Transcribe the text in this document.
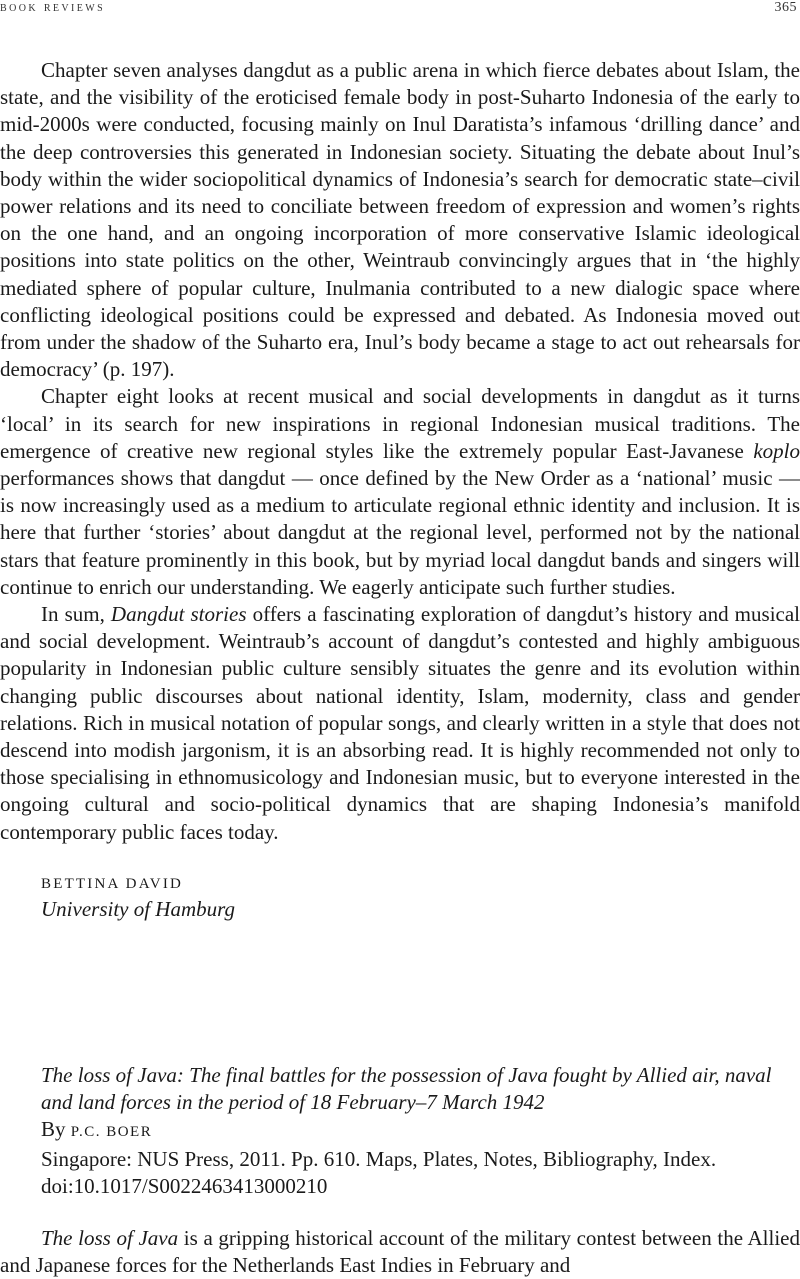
book reviews	365

Chapter seven analyses dangdut as a public arena in which fierce debates about Islam, the state, and the visibility of the eroticised female body in post-Suharto Indonesia of the early to mid-2000s were conducted, focusing mainly on Inul Daratista’s infamous ‘drilling dance’ and the deep controversies this generated in Indonesian society. Situating the debate about Inul’s body within the wider sociopolitical dynamics of Indonesia’s search for democratic state–civil power relations and its need to conciliate between freedom of expression and women’s rights on the one hand, and an ongoing incorporation of more conservative Islamic ideological positions into state politics on the other, Weintraub convincingly argues that in ‘the highly mediated sphere of popular culture, Inulmania contributed to a new dialogic space where conflicting ideological positions could be expressed and debated. As Indonesia moved out from under the shadow of the Suharto era, Inul’s body became a stage to act out rehearsals for democracy’ (p. 197).

Chapter eight looks at recent musical and social developments in dangdut as it turns ‘local’ in its search for new inspirations in regional Indonesian musical traditions. The emergence of creative new regional styles like the extremely popular East-Javanese koplo performances shows that dangdut — once defined by the New Order as a ‘national’ music — is now increasingly used as a medium to articulate regional ethnic identity and inclusion. It is here that further ‘stories’ about dangdut at the regional level, performed not by the national stars that feature prominently in this book, but by myriad local dangdut bands and singers will continue to enrich our understanding. We eagerly anticipate such further studies.

In sum, Dangdut stories offers a fascinating exploration of dangdut’s history and musical and social development. Weintraub’s account of dangdut’s contested and highly ambiguous popularity in Indonesian public culture sensibly situates the genre and its evolution within changing public discourses about national identity, Islam, modernity, class and gender relations. Rich in musical notation of popular songs, and clearly written in a style that does not descend into modish jargonism, it is an absorbing read. It is highly recommended not only to those specialising in ethnomusicology and Indonesian music, but to everyone interested in the ongoing cultural and socio-political dynamics that are shaping Indonesia’s manifold contemporary public faces today.

BETTINA DAVID
University of Hamburg
The loss of Java: The final battles for the possession of Java fought by Allied air, naval and land forces in the period of 18 February–7 March 1942
By P.C. BOER
Singapore: NUS Press, 2011. Pp. 610. Maps, Plates, Notes, Bibliography, Index.
doi:10.1017/S0022463413000210

The loss of Java is a gripping historical account of the military contest between the Allied and Japanese forces for the Netherlands East Indies in February and
